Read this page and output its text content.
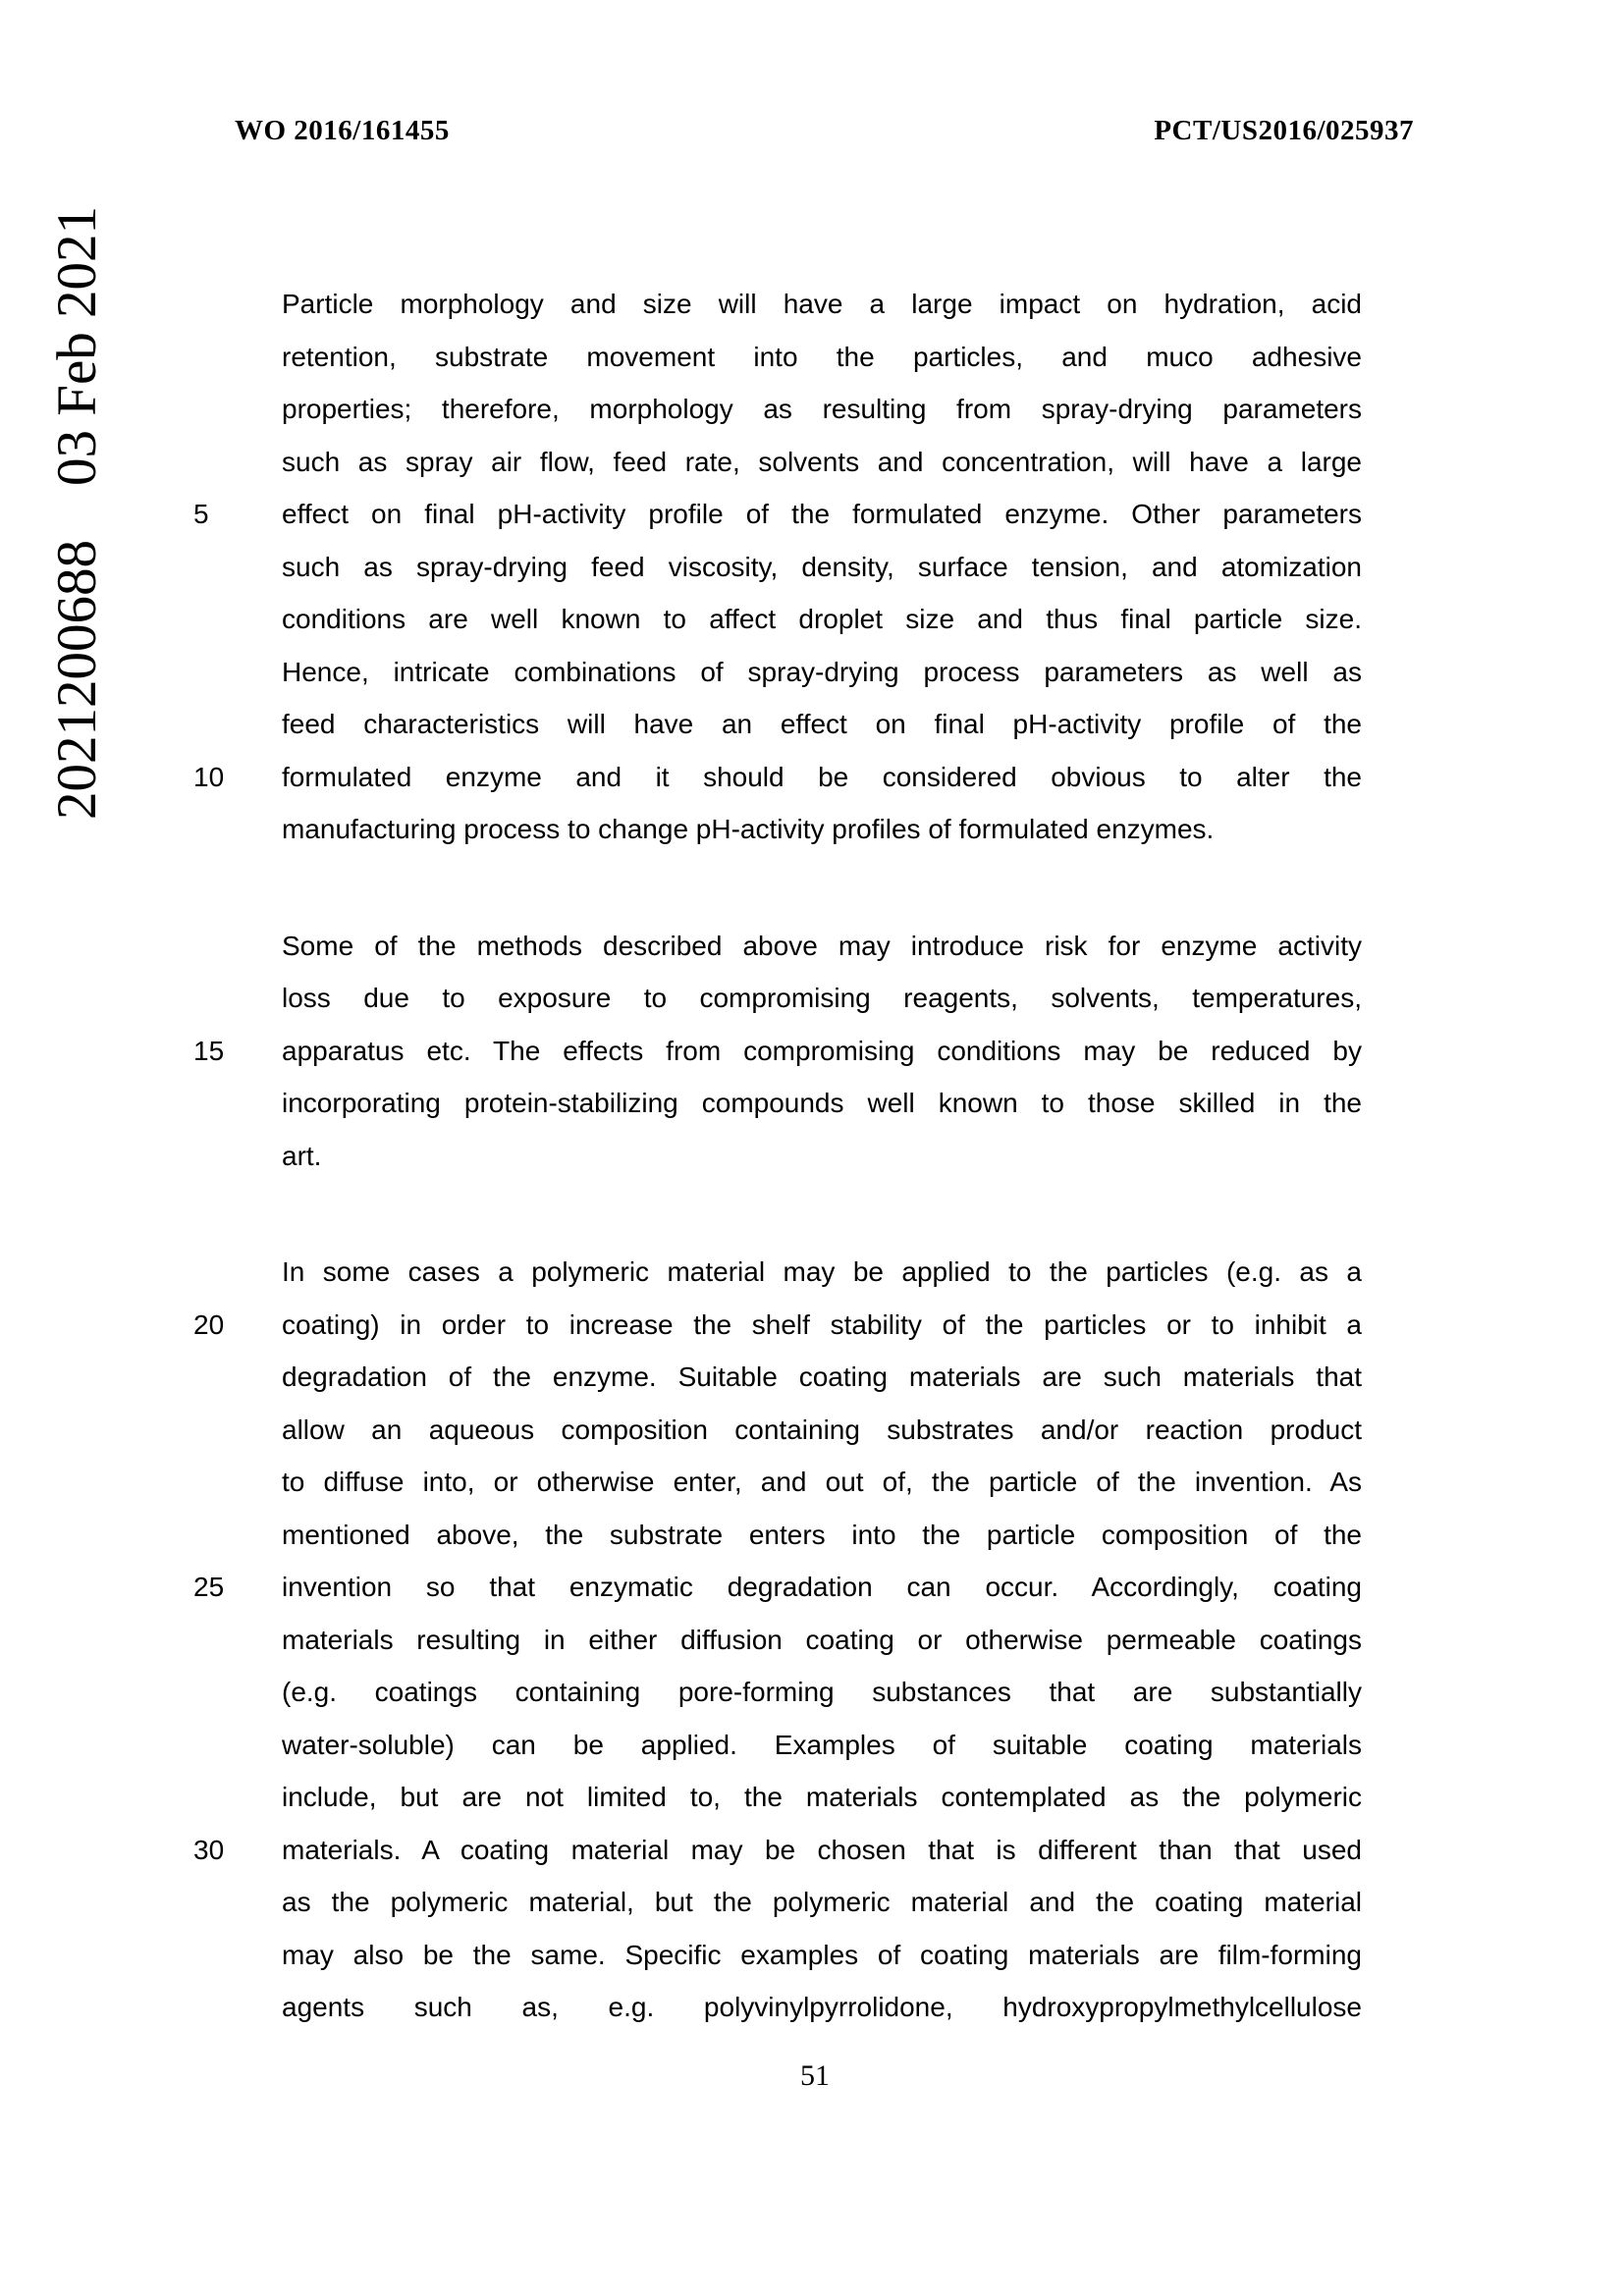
WO 2016/161455	PCT/US2016/025937
202120068803 Feb 2021	Particle morphology and size will have a large impact on hydration, acid
retention, substrate movement into the particles, and muco adhesive
properties; therefore, morphology as resulting from spray-drying parameters
such as spray air flow, feed rate, solvents and concentration, will have a large
5	effect on final pH-activity profile of the formulated enzyme. Other parameters
such as spray-drying feed viscosity, density, surface tension, and atomization
conditions are well known to affect droplet size and thus final particle size.
Hence, intricate combinations of spray-drying process parameters as well as
feed characteristics will have an effect on final pH-activity profile of the
10	formulated enzyme and it should be considered obvious to alter the
manufacturing process to change pH-activity profiles of formulated enzymes.
Some of the methods described above may introduce risk for enzyme activity
loss due to exposure to compromising reagents, solvents, temperatures,
15	apparatus etc. The effects from compromising conditions may be reduced by
incorporating protein-stabilizing compounds well known to those skilled in the
art.
In some cases a polymeric material may be applied to the particles (e.g. as a
20	coating) in order to increase the shelf stability of the particles or to inhibit a
degradation of the enzyme. Suitable coating materials are such materials that
allow an aqueous composition containing substrates and/or reaction product
to diffuse into, or otherwise enter, and out of, the particle of the invention. As
mentioned above, the substrate enters into the particle composition of the
25	invention so that enzymatic degradation can occur. Accordingly, coating
materials resulting in either diffusion coating or otherwise permeable coatings
(e.g. coatings containing pore-forming substances that are substantially
water-soluble) can be applied. Examples of suitable coating materials
include, but are not limited to, the materials contemplated as the polymeric
30	materials. A coating material may be chosen that is different than that used
as the polymeric material, but the polymeric material and the coating material
may also be the same. Specific examples of coating materials are film-forming
agents such as, e.g. polyvinylpyrrolidone, hydroxypropylmethylcellulose
51
